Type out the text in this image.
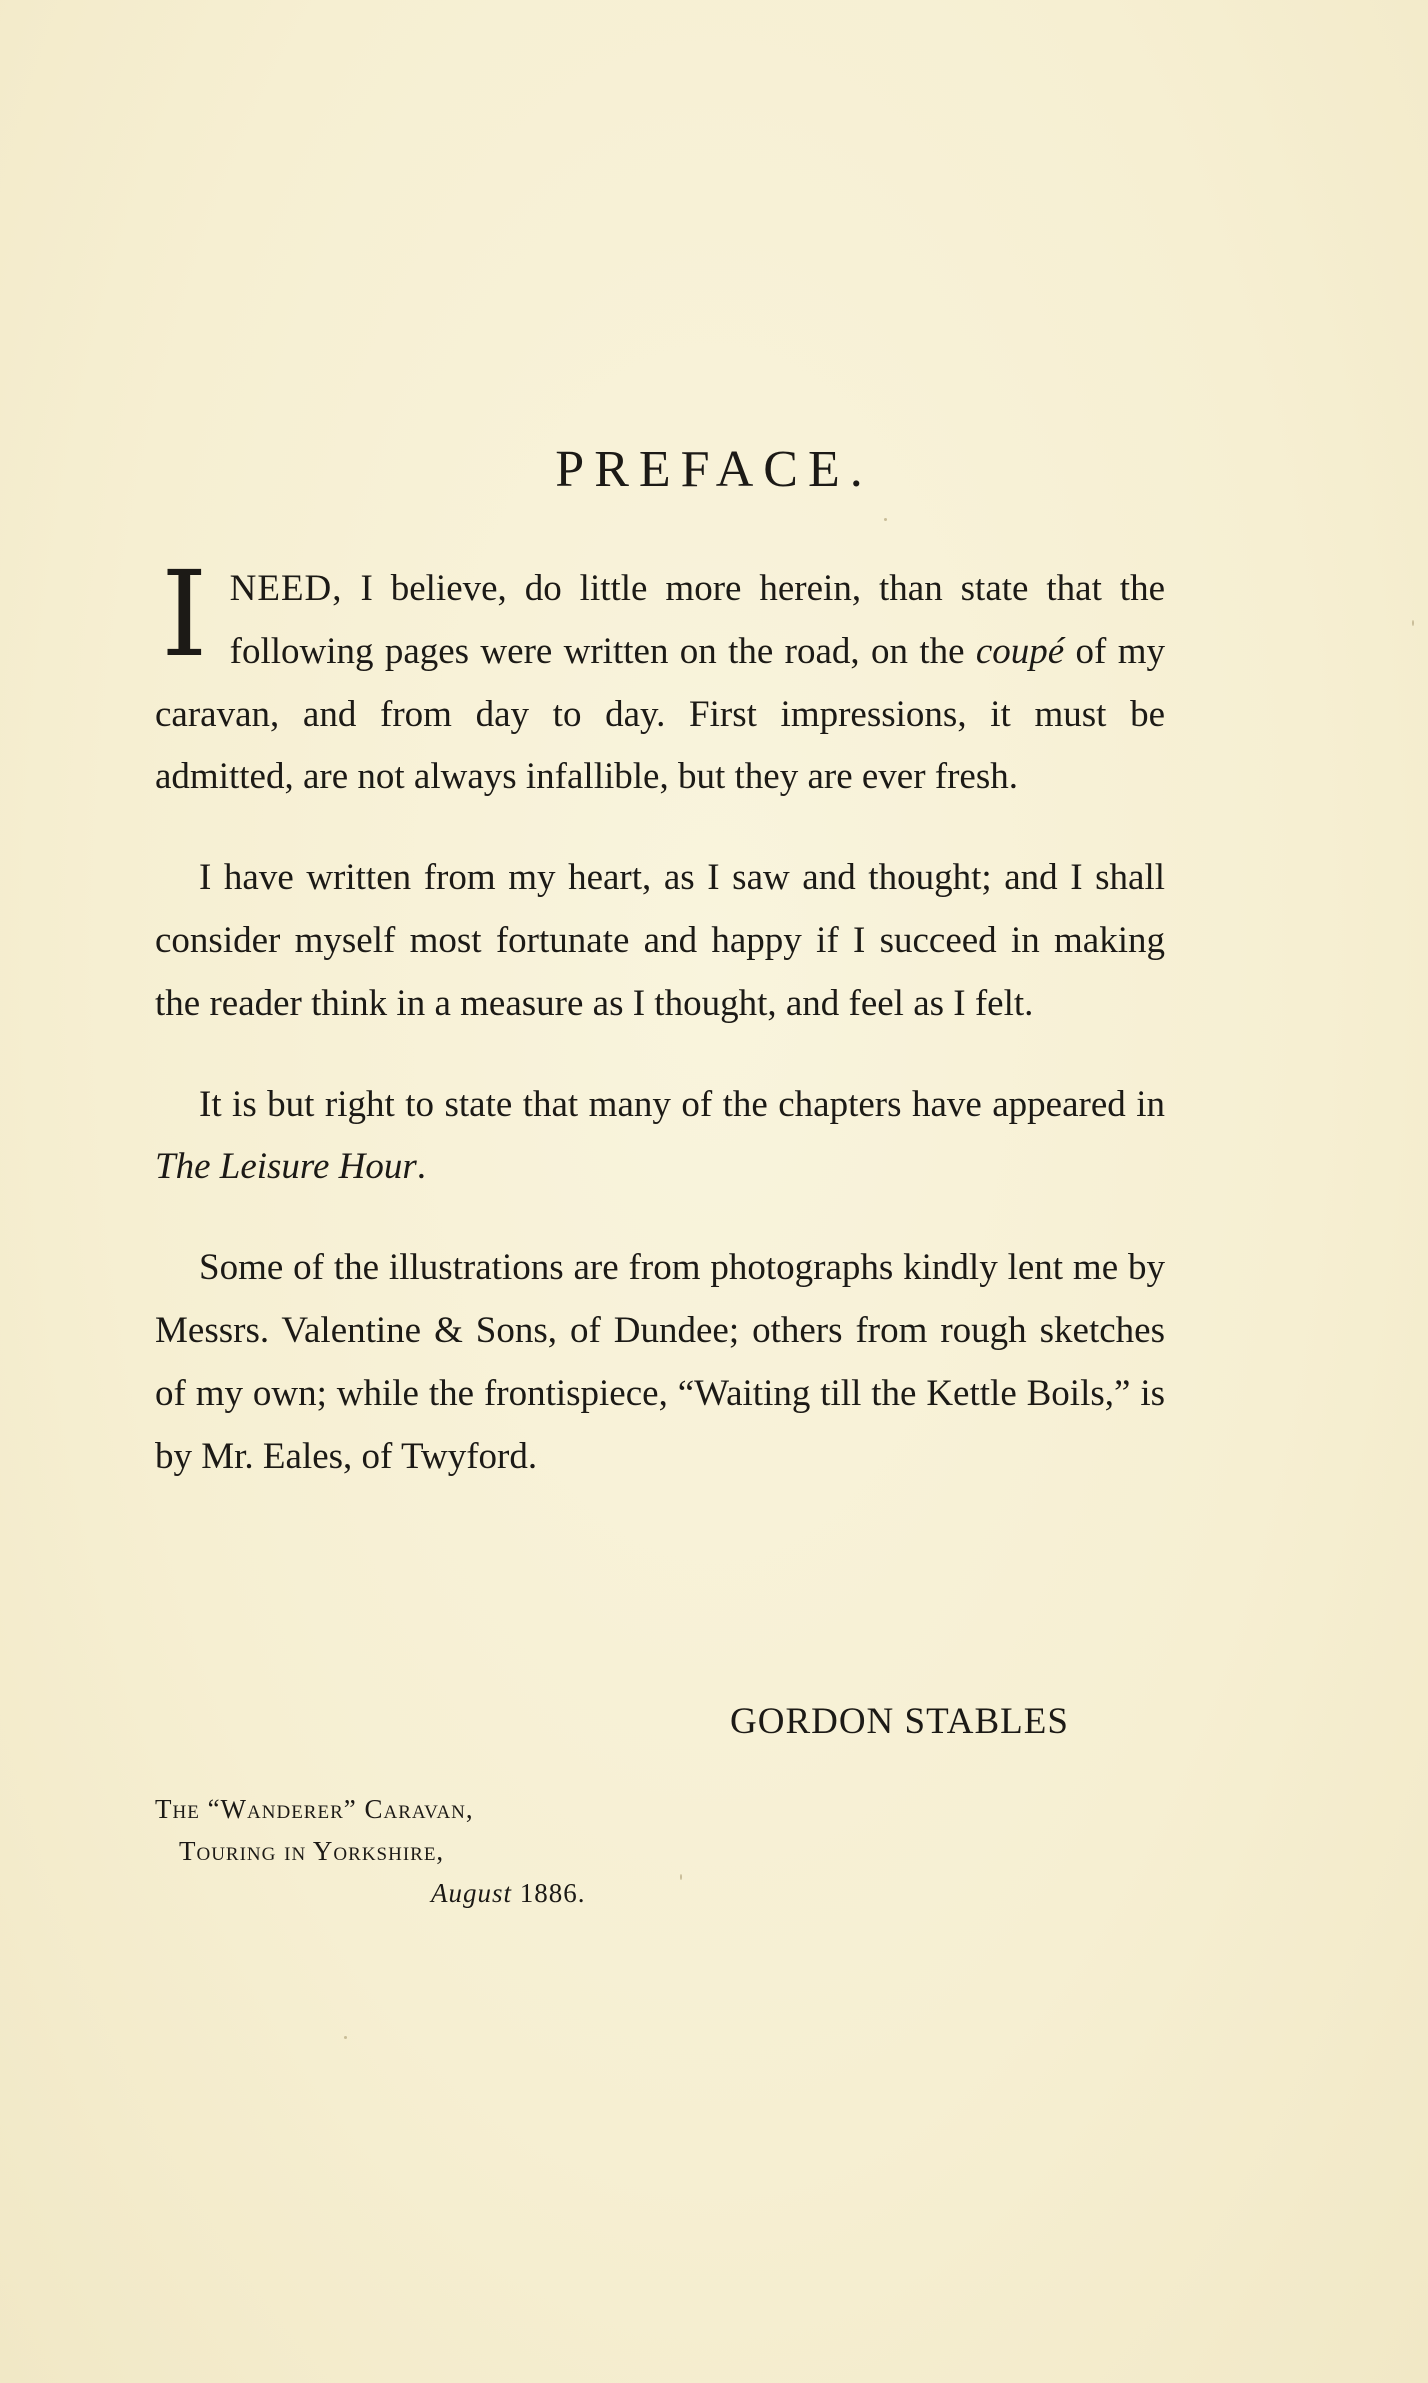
PREFACE.

INEED, I believe, do little more herein, than state that the following pages were written on the road, on the coupé of my caravan, and from day to day. First impressions, it must be admitted, are not always infallible, but they are ever fresh.

I have written from my heart, as I saw and thought; and I shall consider myself most fortunate and happy if I succeed in making the reader think in a measure as I thought, and feel as I felt.

It is but right to state that many of the chapters have appeared in The Leisure Hour.

Some of the illustrations are from photographs kindly lent me by Messrs. Valentine & Sons, of Dundee; others from rough sketches of my own; while the frontispiece, “Waiting till the Kettle Boils,” is by Mr. Eales, of Twyford.

GORDON STABLES

The “Wanderer” Caravan,
Touring in Yorkshire,
August 1886.
